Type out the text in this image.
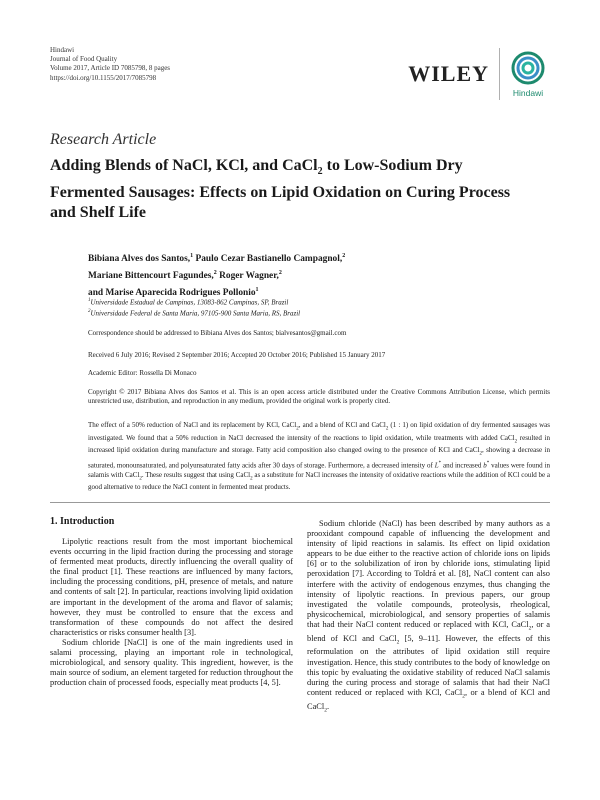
Hindawi
Journal of Food Quality
Volume 2017, Article ID 7085798, 8 pages
https://doi.org/10.1155/2017/7085798	WILEY
Hindawi
Research Article
Adding Blends of NaCl, KCl, and CaCl$_2$ to Low-Sodium Dry Fermented Sausages: Effects on Lipid Oxidation on Curing Process and Shelf Life
Bibiana Alves dos Santos,$^1$ Paulo Cezar Bastianello Campagnol,$^2$
Mariane Bittencourt Fagundes,$^2$ Roger Wagner,$^2$
and Marise Aparecida Rodrigues Pollonio$^1$
$^1$Universidade Estadual de Campinas, 13083-862 Campinas, SP, Brazil
$^2$Universidade Federal de Santa Maria, 97105-900 Santa Maria, RS, Brazil
Correspondence should be addressed to Bibiana Alves dos Santos; bialvesantos@gmail.com
Received 6 July 2016; Revised 2 September 2016; Accepted 20 October 2016; Published 15 January 2017
Academic Editor: Rossella Di Monaco
Copyright © 2017 Bibiana Alves dos Santos et al. This is an open access article distributed under the Creative Commons Attribution License, which permits unrestricted use, distribution, and reproduction in any medium, provided the original work is properly cited.
The effect of a 50% reduction of NaCl and its replacement by KCl, CaCl$_2$, and a blend of KCl and CaCl$_2$ (1 : 1) on lipid oxidation of dry fermented sausages was investigated. We found that a 50% reduction in NaCl decreased the intensity of the reactions to lipid oxidation, while treatments with added CaCl$_2$ resulted in increased lipid oxidation during manufacture and storage. Fatty acid composition also changed owing to the presence of KCl and CaCl$_2$, showing a decrease in saturated, monounsaturated, and polyunsaturated fatty acids after 30 days of storage. Furthermore, a decreased intensity of L* and increased b* values were found in salamis with CaCl$_2$. These results suggest that using CaCl$_2$ as a substitute for NaCl increases the intensity of oxidative reactions while the addition of KCl could be a good alternative to reduce the NaCl content in fermented meat products.
1. Introduction

Lipolytic reactions result from the most important biochemical events occurring in the lipid fraction during the processing and storage of fermented meat products, directly influencing the overall quality of the final product [1]. These reactions are influenced by many factors, including the processing conditions, pH, presence of metals, and nature and contents of salt [2]. In particular, reactions involving lipid oxidation are important in the development of the aroma and flavor of salamis; however, they must be controlled to ensure that the excess and transformation of these compounds do not affect the desired characteristics or risks consumer health [3].

Sodium chloride [NaCl] is one of the main ingredients used in salami processing, playing an important role in technological, microbiological, and sensory quality. This ingredient, however, is the main source of sodium, an element targeted for reduction throughout the production chain of processed foods, especially meat products [4, 5].

Sodium chloride (NaCl) has been described by many authors as a prooxidant compound capable of influencing the development and intensity of lipid reactions in salamis. Its effect on lipid oxidation appears to be due either to the reactive action of chloride ions on lipids [6] or to the solubilization of iron by chloride ions, stimulating lipid peroxidation [7]. According to Toldrá et al. [8], NaCl content can also interfere with the activity of endogenous enzymes, thus changing the intensity of lipolytic reactions. In previous papers, our group investigated the volatile compounds, proteolysis, rheological, physicochemical, microbiological, and sensory properties of salamis that had their NaCl content reduced or replaced with KCl, CaCl$_2$, or a blend of KCl and CaCl$_2$ [5, 9–11]. However, the effects of this reformulation on the attributes of lipid oxidation still require investigation. Hence, this study contributes to the body of knowledge on this topic by evaluating the oxidative stability of reduced NaCl salamis during the curing process and storage of salamis that had their NaCl content reduced or replaced with KCl, CaCl$_2$, or a blend of KCl and CaCl$_2$.
